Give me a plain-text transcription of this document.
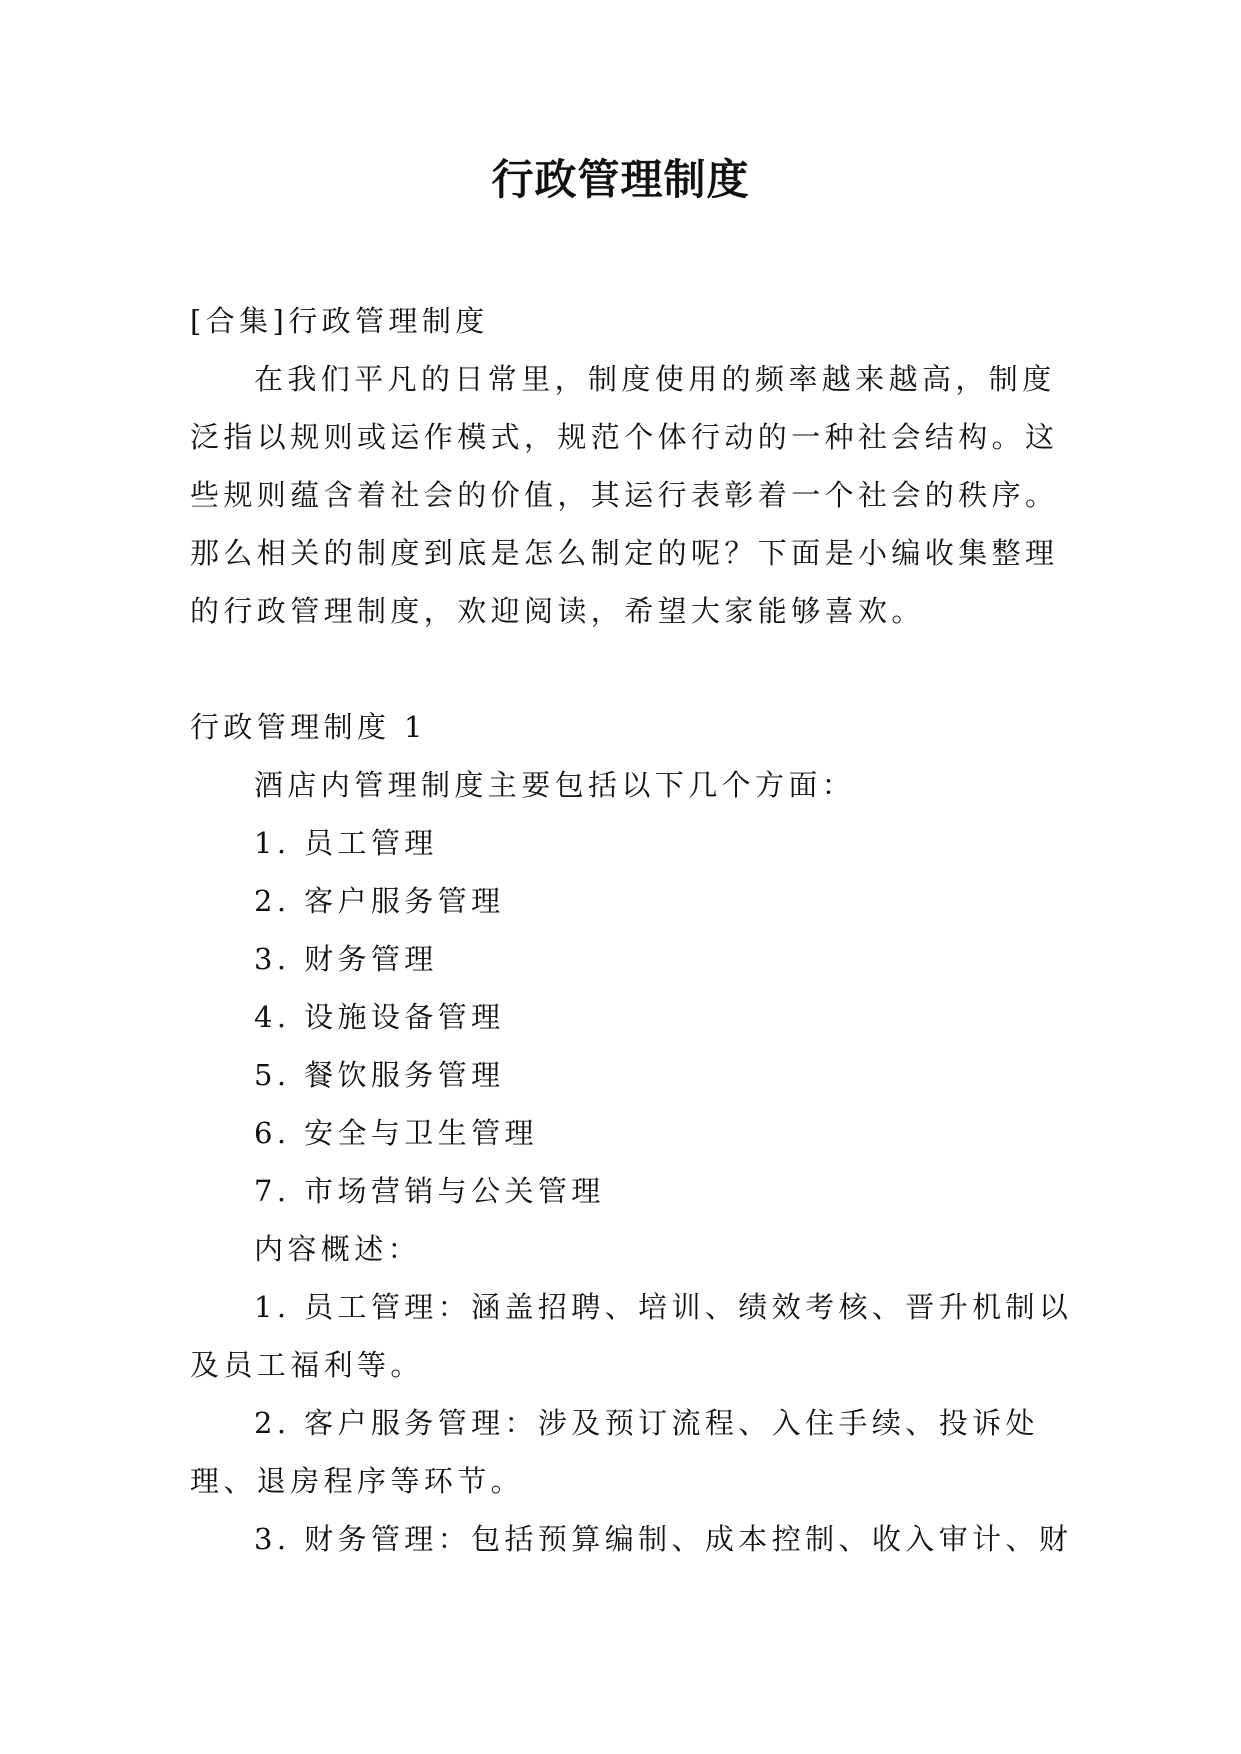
行政管理制度

[合集]行政管理制度

在我们平凡的日常里，制度使用的频率越来越高，制度泛指以规则或运作模式，规范个体行动的一种社会结构。这些规则蕴含着社会的价值，其运行表彰着一个社会的秩序。那么相关的制度到底是怎么制定的呢？下面是小编收集整理的行政管理制度，欢迎阅读，希望大家能够喜欢。

行政管理制度 1

酒店内管理制度主要包括以下几个方面：

1. 员工管理

2. 客户服务管理

3. 财务管理

4. 设施设备管理

5. 餐饮服务管理

6. 安全与卫生管理

7. 市场营销与公关管理

内容概述：

1. 员工管理：涵盖招聘、培训、绩效考核、晋升机制以及员工福利等。

2. 客户服务管理：涉及预订流程、入住手续、投诉处理、退房程序等环节。

3. 财务管理：包括预算编制、成本控制、收入审计、财
